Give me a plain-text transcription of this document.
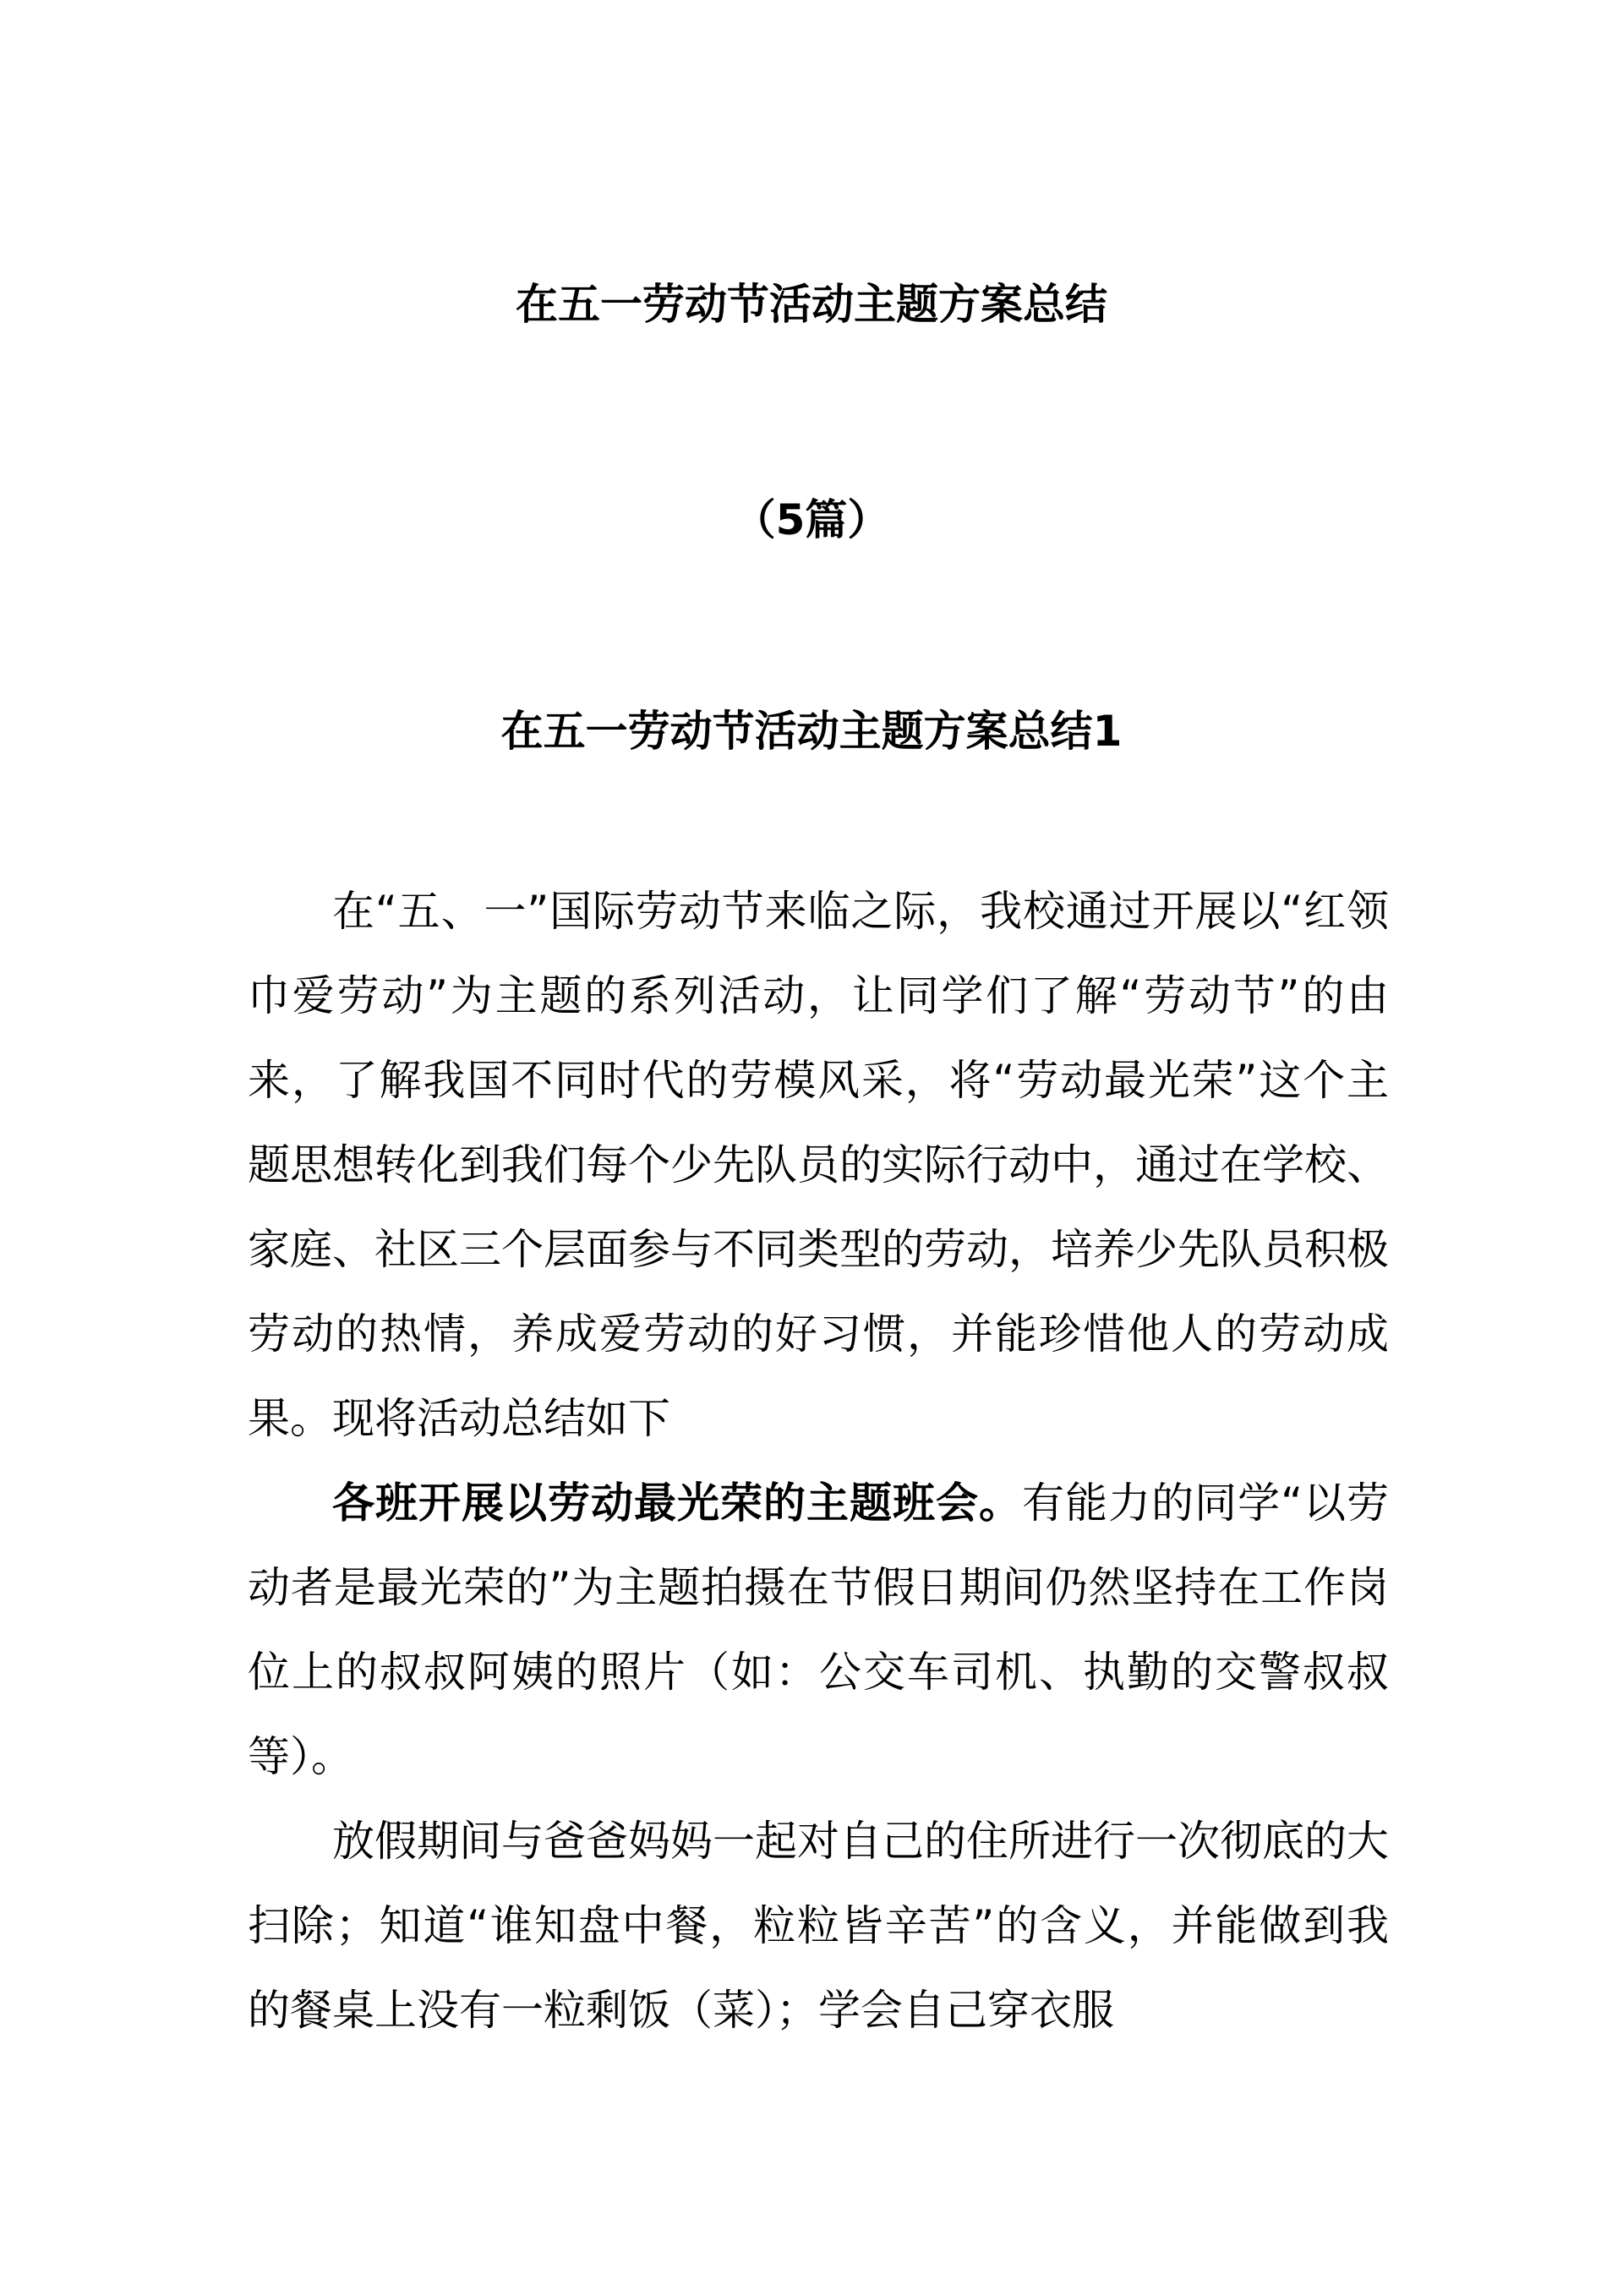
在五一劳动节活动主题方案总结
（5篇）
在五一劳动节活动主题方案总结1

在“五、一”国际劳动节来临之际，我校通过开展以“红领巾爱劳动”为主题的系列活动，让同学们了解“劳动节”的由来，了解我国不同时代的劳模风采，将“劳动最光荣”这个主题思想转化到我们每个少先队员的实际行动中，通过在学校、家庭、社区三个层面参与不同类型的劳动，培养少先队员积极劳动的热情，养成爱劳动的好习惯，并能珍惜他人的劳动成果。现将活动总结如下

各班开展以劳动最光荣的主题班会。有能力的同学“以劳动者是最光荣的”为主题拍摄在节假日期间仍然坚持在工作岗位上的叔叔阿姨的照片（如：公交车司机、执勤的交警叔叔等）。

放假期间与爸爸妈妈一起对自己的住所进行一次彻底的大扫除；知道“谁知盘中餐，粒粒皆辛苦”的含义，并能做到我的餐桌上没有一粒剩饭（菜）；学会自己穿衣服
